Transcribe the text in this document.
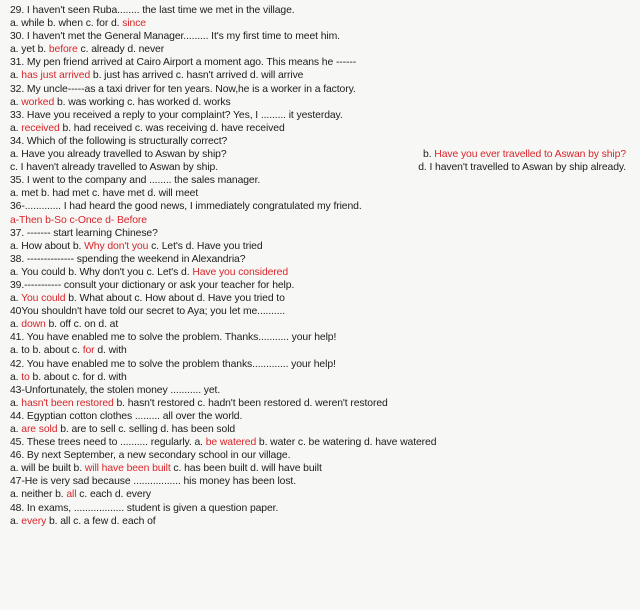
29. I haven't seen Ruba........ the last time we met in the village.
a. while b. when c. for d. since
30. I haven't met the General Manager......... It's my first time to meet him.
a. yet b. before c. already d. never
31. My pen friend arrived at Cairo Airport a moment ago. This means he ------
a. has just arrived b. just has arrived c. hasn't arrived d. will arrive
32. My uncle-----as a taxi driver for ten years. Now,he is a worker in a factory.
a. worked b. was working c. has worked d. works
33. Have you received a reply to your complaint? Yes, I ......... it yesterday.
a. received b. had received c. was receiving d. have received
34. Which of the following is structurally correct?
a. Have you already travelled to Aswan by ship?	b. Have you ever travelled to Aswan by ship?
c. I haven't already travelled to Aswan by ship.	d. I haven't travelled to Aswan by ship already.
35. I went to the company and ........ the sales manager.
a. met b. had met c. have met d. will meet
36-............. I had heard the good news, I immediately congratulated my friend.
a-Then b-So c-Once d- Before
37. ------- start learning Chinese?
a. How about b. Why don't you c. Let's d. Have you tried
38. -------------- spending the weekend in Alexandria?
a. You could b. Why don't you c. Let's d. Have you considered
39.----------- consult your dictionary or ask your teacher for help.
a. You could b. What about c. How about d. Have you tried to
40You shouldn't have told our secret to Aya; you let me..........
a. down b. off c. on d. at
41. You have enabled me to solve the problem. Thanks........... your help!
a. to b. about c. for d. with
42. You have enabled me to solve the problem thanks............. your help!
a. to b. about c. for d. with
43-Unfortunately, the stolen money ........... yet.
a. hasn't been restored b. hasn't restored c. hadn't been restored d. weren't restored
44. Egyptian cotton clothes ......... all over the world.
a. are sold b. are to sell c. selling d. has been sold
45. These trees need to .......... regularly. a. be watered b. water c. be watering d. have watered
46. By next September, a new secondary school in our village.
a. will be built b. will have been built c. has been built d. will have built
47-He is very sad because ................. his money has been lost.
a. neither b. all c. each d. every
48. In exams, .................. student is given a question paper.
a. every b. all c. a few d. each of
